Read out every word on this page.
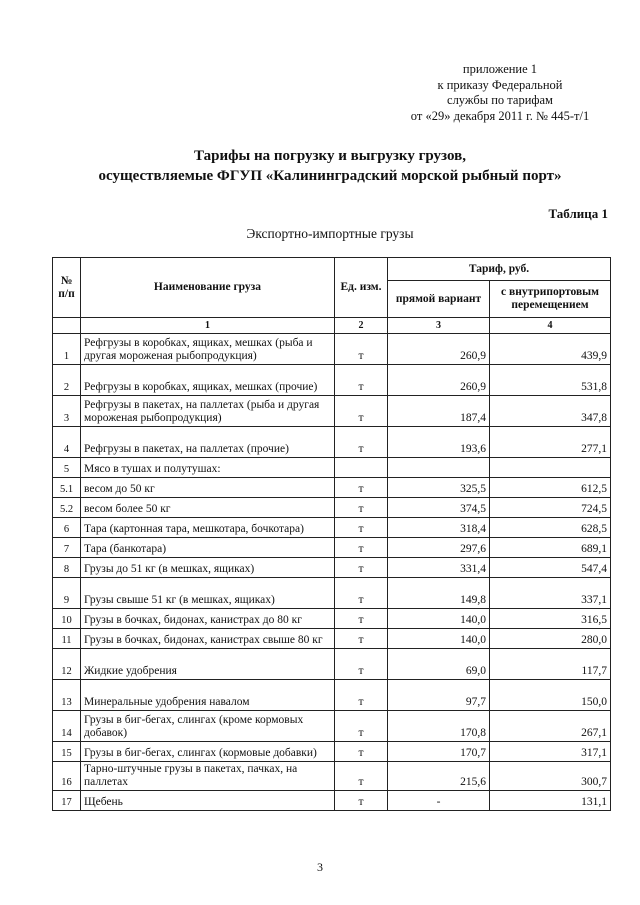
приложение 1
к приказу Федеральной
службы по тарифам
от «29» декабря 2011 г. № 445-т/1
Тарифы на погрузку и выгрузку грузов,
осуществляемые ФГУП «Калининградский морской рыбный порт»
Таблица 1
Экспортно-импортные грузы
№ п/п	Наименование груза	Ед. изм.	Тариф, руб.	
			прямой вариант	с внутрипортовым перемещением
	1	2	3	4
1	Рефгрузы в коробках, ящиках, мешках (рыба и другая мороженая рыбопродукция)	т	260,9	439,9
2	Рефгрузы в коробках, ящиках, мешках (прочие)	т	260,9	531,8
3	Рефгрузы в пакетах, на паллетах (рыба и другая мороженая рыбопродукция)	т	187,4	347,8
4	Рефгрузы в пакетах, на паллетах (прочие)	т	193,6	277,1
5	Мясо в тушах и полутушах:			
5.1	весом до 50 кг	т	325,5	612,5
5.2	весом более 50 кг	т	374,5	724,5
6	Тара (картонная тара, мешкотара, бочкотара)	т	318,4	628,5
7	Тара (банкотара)	т	297,6	689,1
8	Грузы до 51 кг (в мешках, ящиках)	т	331,4	547,4
9	Грузы свыше 51 кг (в мешках, ящиках)	т	149,8	337,1
10	Грузы в бочках, бидонах, канистрах до 80 кг	т	140,0	316,5
11	Грузы в бочках, бидонах, канистрах свыше 80 кг	т	140,0	280,0
12	Жидкие удобрения	т	69,0	117,7
13	Минеральные удобрения навалом	т	97,7	150,0
14	Грузы в биг-бегах, слингах (кроме кормовых добавок)	т	170,8	267,1
15	Грузы в биг-бегах, слингах (кормовые добавки)	т	170,7	317,1
16	Тарно-штучные грузы в пакетах, пачках, на паллетах	т	215,6	300,7
17	Щебень	т	-	131,1
3
